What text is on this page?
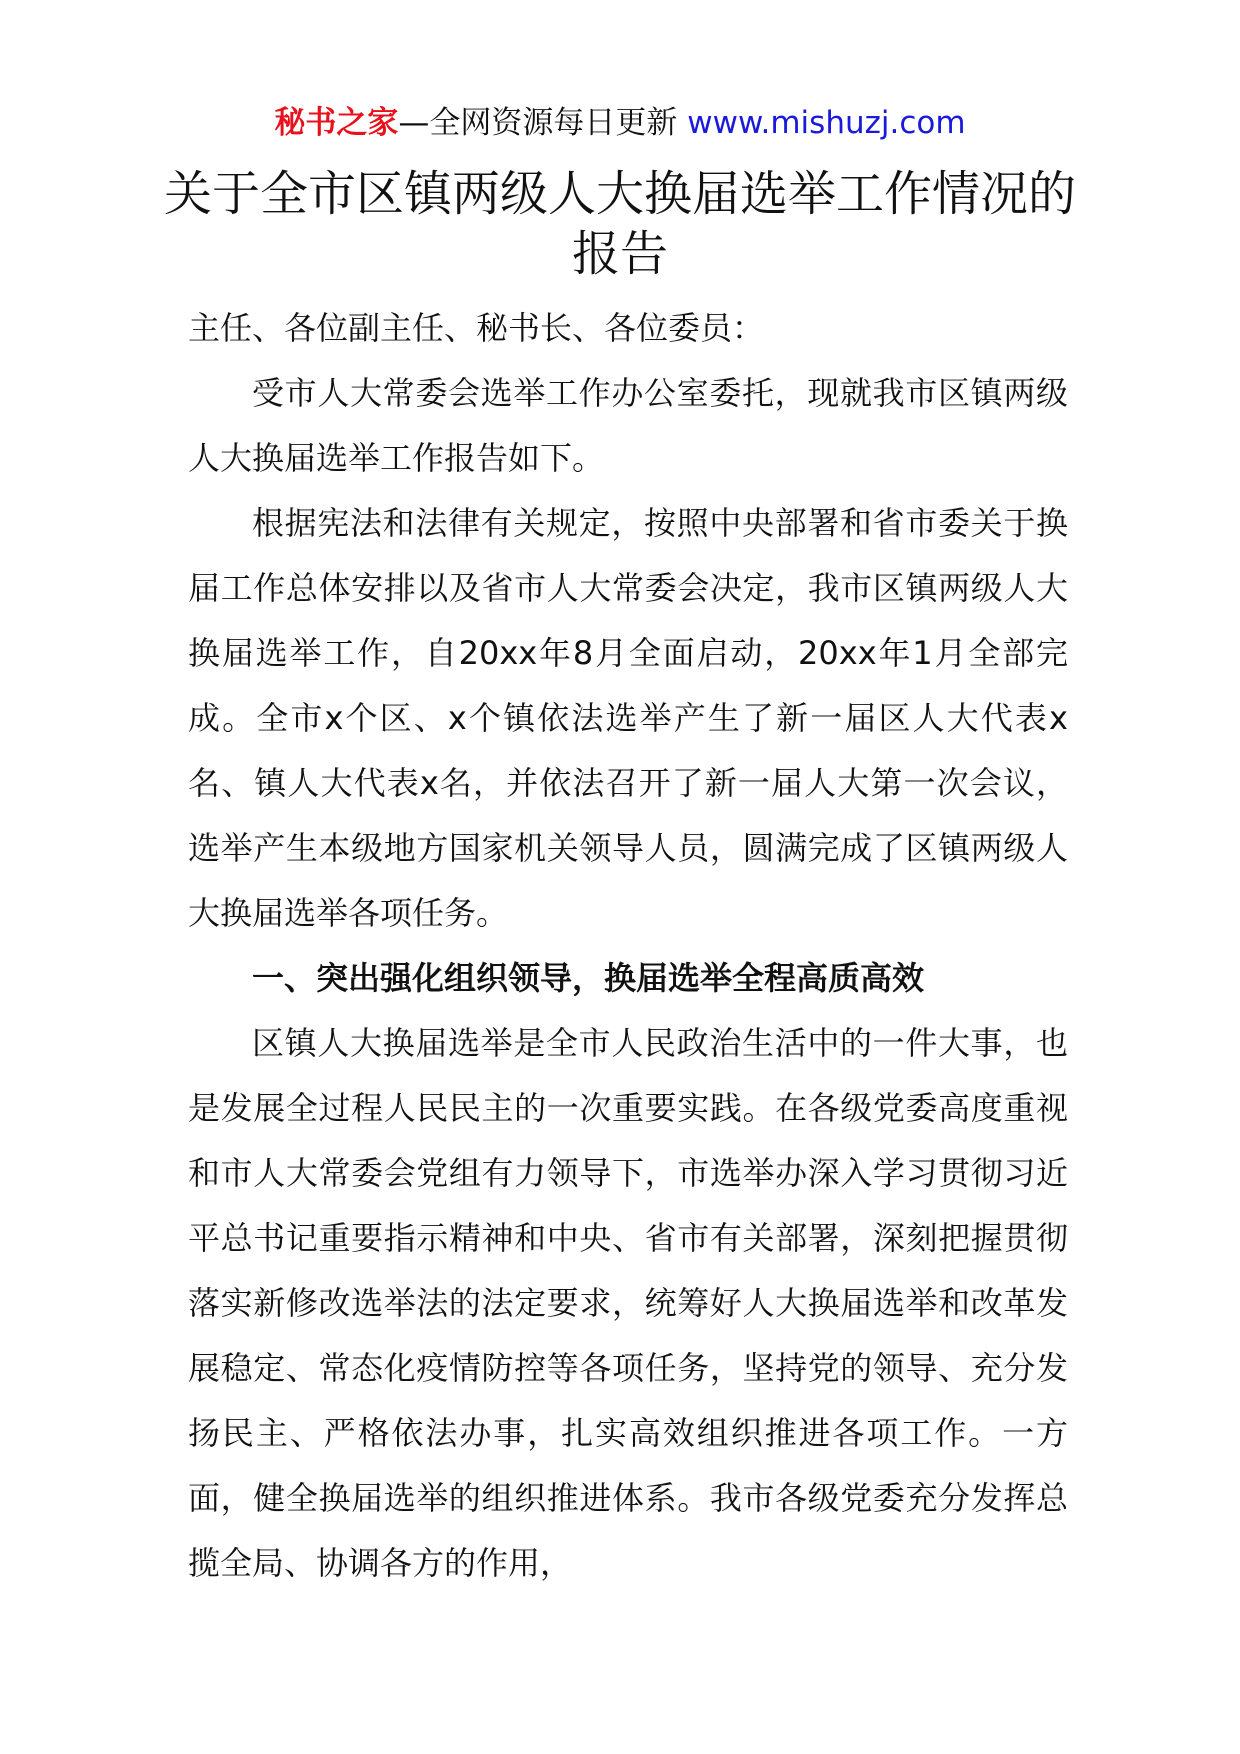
秘书之家—全网资源每日更新 www.mishuzj.com
关于全市区镇两级人大换届选举工作情况的报告

主任、各位副主任、秘书长、各位委员：

受市人大常委会选举工作办公室委托，现就我市区镇两级人大换届选举工作报告如下。

根据宪法和法律有关规定，按照中央部署和省市委关于换届工作总体安排以及省市人大常委会决定，我市区镇两级人大换届选举工作，自20xx年8月全面启动，20xx年1月全部完成。全市x个区、x个镇依法选举产生了新一届区人大代表x名、镇人大代表x名，并依法召开了新一届人大第一次会议，选举产生本级地方国家机关领导人员，圆满完成了区镇两级人大换届选举各项任务。

一、突出强化组织领导，换届选举全程高质高效

区镇人大换届选举是全市人民政治生活中的一件大事，也是发展全过程人民民主的一次重要实践。在各级党委高度重视和市人大常委会党组有力领导下，市选举办深入学习贯彻习近平总书记重要指示精神和中央、省市有关部署，深刻把握贯彻落实新修改选举法的法定要求，统筹好人大换届选举和改革发展稳定、常态化疫情防控等各项任务，坚持党的领导、充分发扬民主、严格依法办事，扎实高效组织推进各项工作。一方面，健全换届选举的组织推进体系。我市各级党委充分发挥总揽全局、协调各方的作用，
